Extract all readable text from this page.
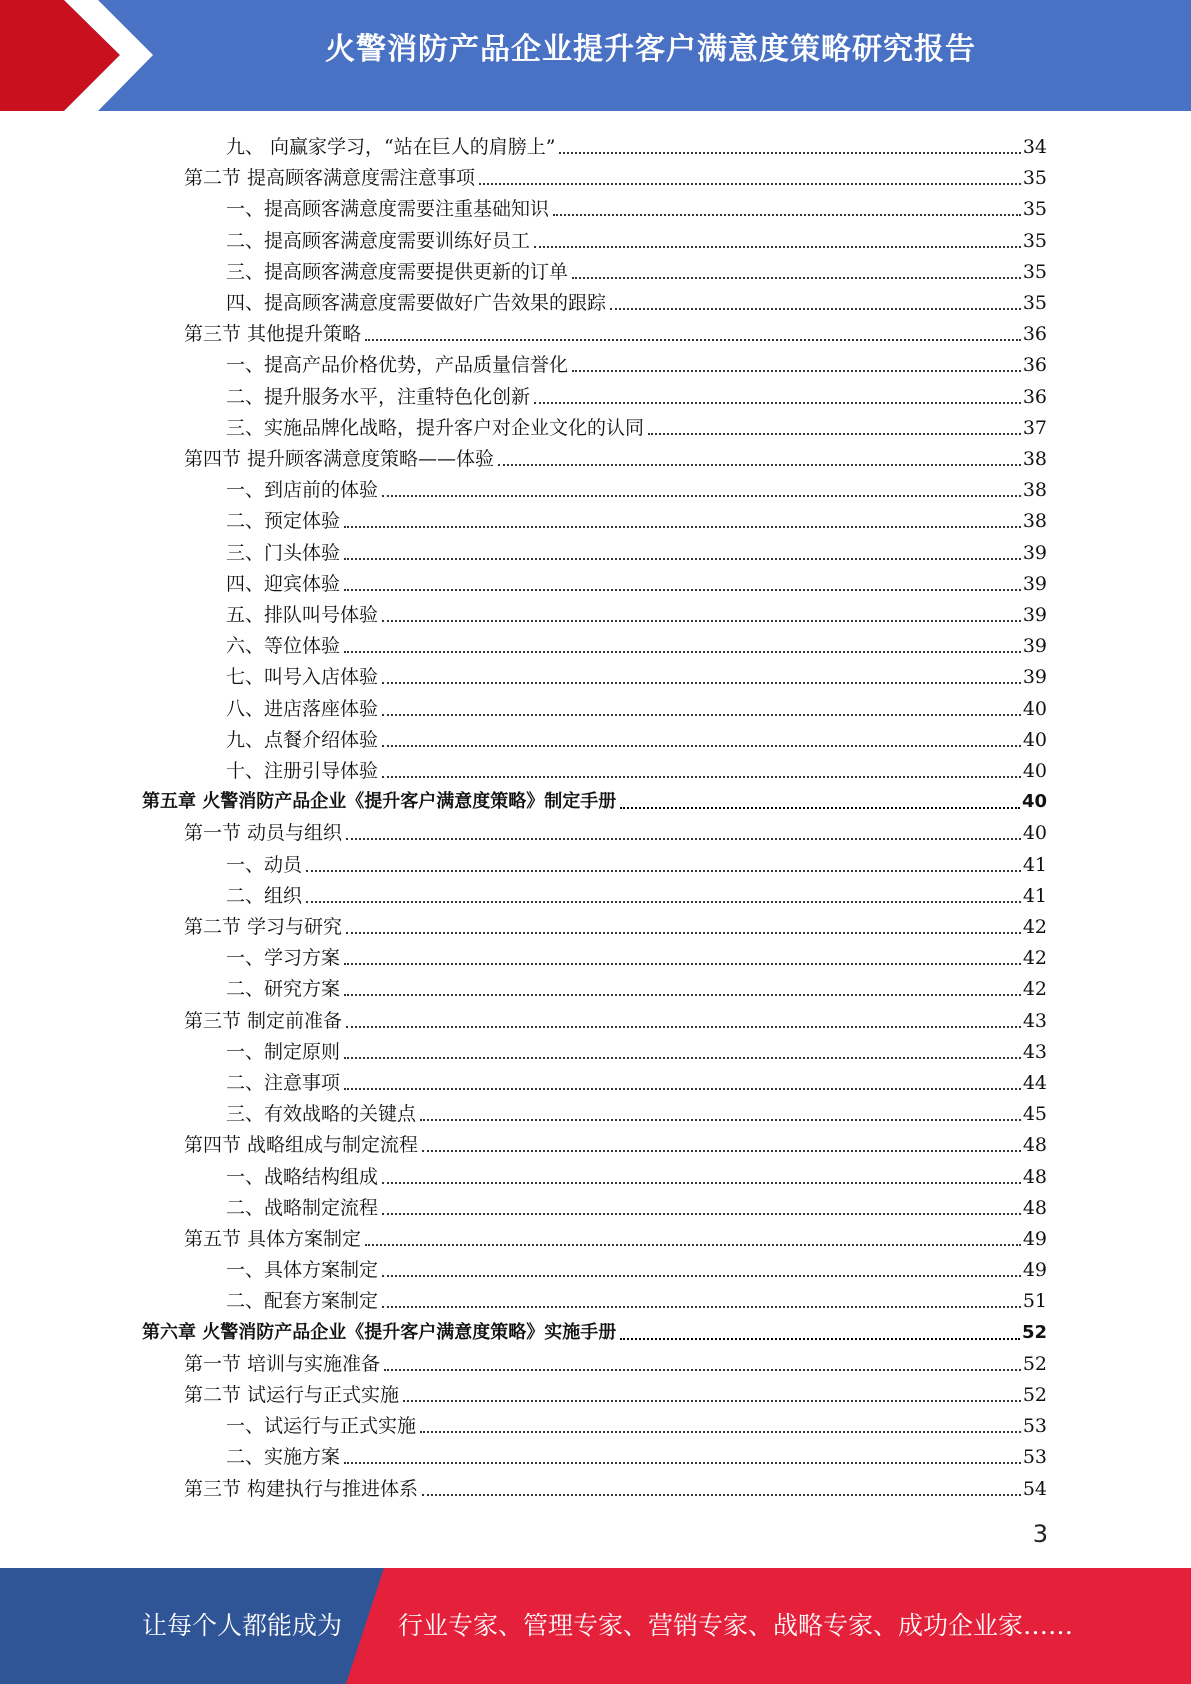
火警消防产品企业提升客户满意度策略研究报告
九、 向赢家学习，“站在巨人的肩膀上”	34
第二节 提高顾客满意度需注意事项	35
一、提高顾客满意度需要注重基础知识	35
二、提高顾客满意度需要训练好员工	35
三、提高顾客满意度需要提供更新的订单	35
四、提高顾客满意度需要做好广告效果的跟踪	35
第三节 其他提升策略	36
一、提高产品价格优势，产品质量信誉化	36
二、提升服务水平，注重特色化创新	36
三、实施品牌化战略，提升客户对企业文化的认同	37
第四节 提升顾客满意度策略——体验	38
一、到店前的体验	38
二、预定体验	38
三、门头体验	39
四、迎宾体验	39
五、排队叫号体验	39
六、等位体验	39
七、叫号入店体验	39
八、进店落座体验	40
九、点餐介绍体验	40
十、注册引导体验	40
第五章 火警消防产品企业《提升客户满意度策略》制定手册	40
第一节 动员与组织	40
一、动员	41
二、组织	41
第二节 学习与研究	42
一、学习方案	42
二、研究方案	42
第三节 制定前准备	43
一、制定原则	43
二、注意事项	44
三、有效战略的关键点	45
第四节 战略组成与制定流程	48
一、战略结构组成	48
二、战略制定流程	48
第五节 具体方案制定	49
一、具体方案制定	49
二、配套方案制定	51
第六章 火警消防产品企业《提升客户满意度策略》实施手册	52
第一节 培训与实施准备	52
第二节 试运行与正式实施	52
一、试运行与正式实施	53
二、实施方案	53
第三节 构建执行与推进体系	54
3
让每个人都能成为 行业专家、管理专家、营销专家、战略专家、成功企业家……
